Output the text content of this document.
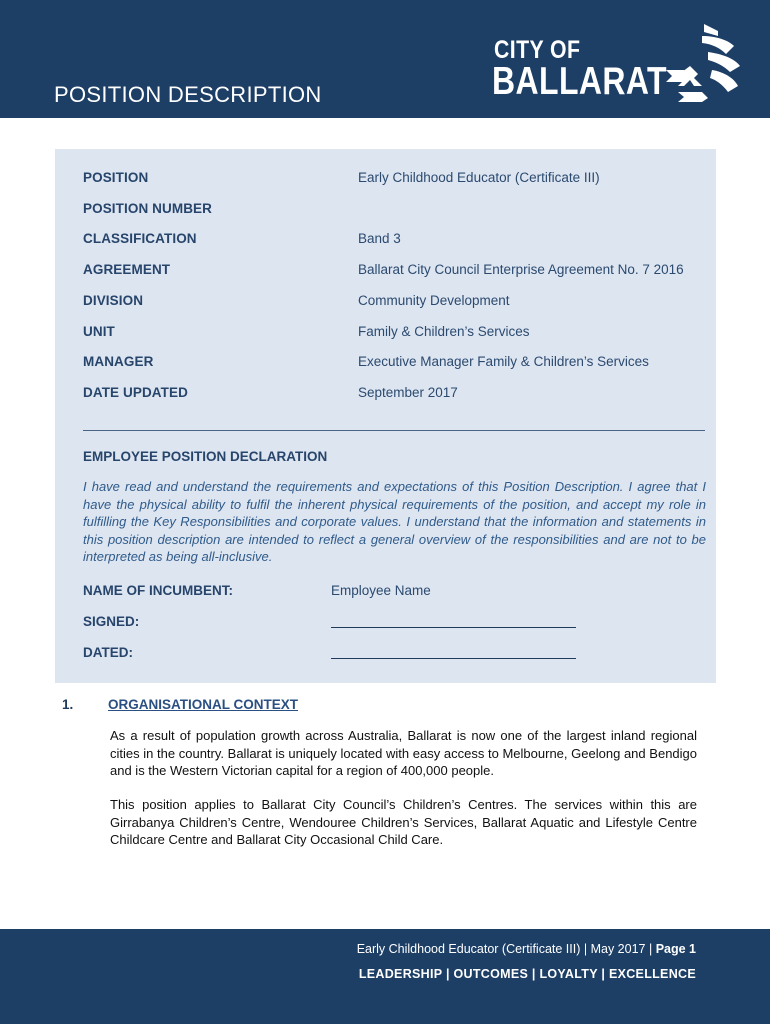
POSITION DESCRIPTION
CITY OF
BALLARAT
POSITION	Early Childhood Educator (Certificate III)
POSITION NUMBER
CLASSIFICATION	Band 3
AGREEMENT	Ballarat City Council Enterprise Agreement No. 7 2016
DIVISION	Community Development
UNIT	Family & Children’s Services
MANAGER	Executive Manager Family & Children’s Services
DATE UPDATED	September 2017
EMPLOYEE POSITION DECLARATION
I have read and understand the requirements and expectations of this Position Description. I agree that I have the physical ability to fulfil the inherent physical requirements of the position, and accept my role in fulfilling the Key Responsibilities and corporate values. I understand that the information and statements in this position description are intended to reflect a general overview of the responsibilities and are not to be interpreted as being all-inclusive.
NAME OF INCUMBENT:	Employee Name
SIGNED:
DATED:
1.	ORGANISATIONAL CONTEXT
As a result of population growth across Australia, Ballarat is now one of the largest inland regional cities in the country. Ballarat is uniquely located with easy access to Melbourne, Geelong and Bendigo and is the Western Victorian capital for a region of 400,000 people.
This position applies to Ballarat City Council’s Children’s Centres. The services within this are Girrabanya Children’s Centre, Wendouree Children’s Services, Ballarat Aquatic and Lifestyle Centre Childcare Centre and Ballarat City Occasional Child Care.
Early Childhood Educator (Certificate III) | May 2017 | Page 1
LEADERSHIP | OUTCOMES | LOYALTY | EXCELLENCE
